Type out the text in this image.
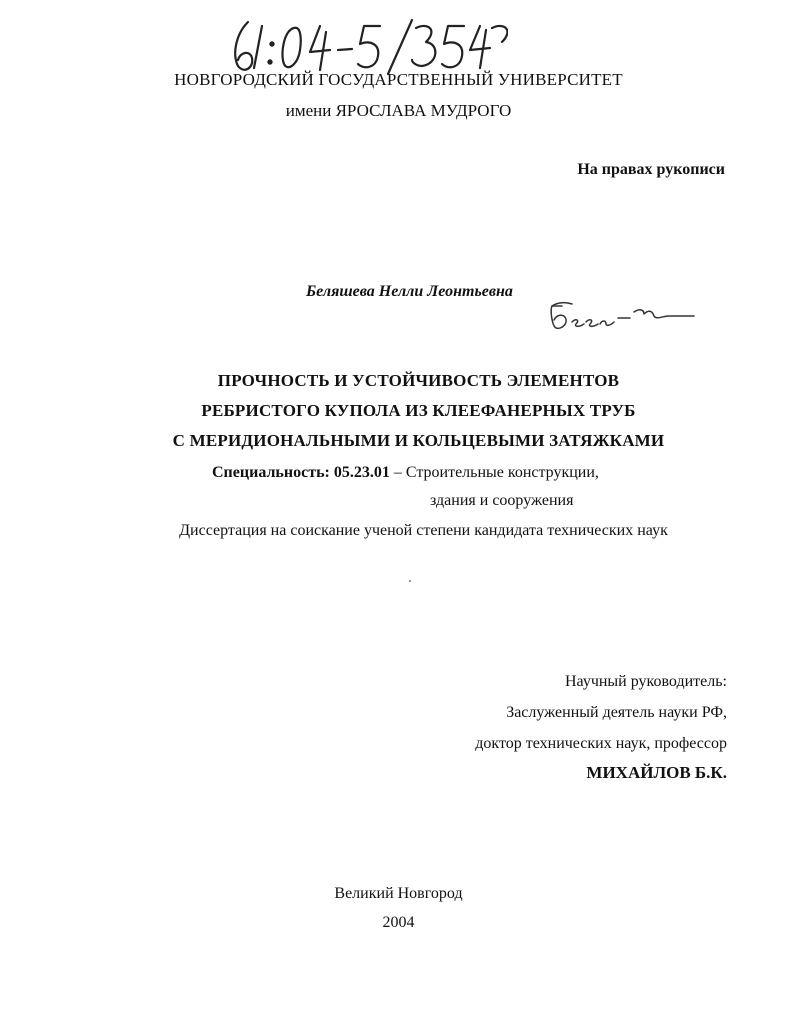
НОВГОРОДСКИЙ ГОСУДАРСТВЕННЫЙ УНИВЕРСИТЕТ
имени ЯРОСЛАВА МУДРОГО
На правах рукописи
Беляшева Нелли Леонтьевна
ПРОЧНОСТЬ И УСТОЙЧИВОСТЬ ЭЛЕМЕНТОВ
РЕБРИСТОГО КУПОЛА ИЗ КЛЕЕФАНЕРНЫХ ТРУБ
С МЕРИДИОНАЛЬНЫМИ И КОЛЬЦЕВЫМИ ЗАТЯЖКАМИ
Специальность: 05.23.01 – Строительные конструкции,
здания и сооружения
Диссертация на соискание ученой степени кандидата технических наук
Научный руководитель:
Заслуженный деятель науки РФ,
доктор технических наук, профессор
МИХАЙЛОВ Б.К.
Великий Новгород
2004
